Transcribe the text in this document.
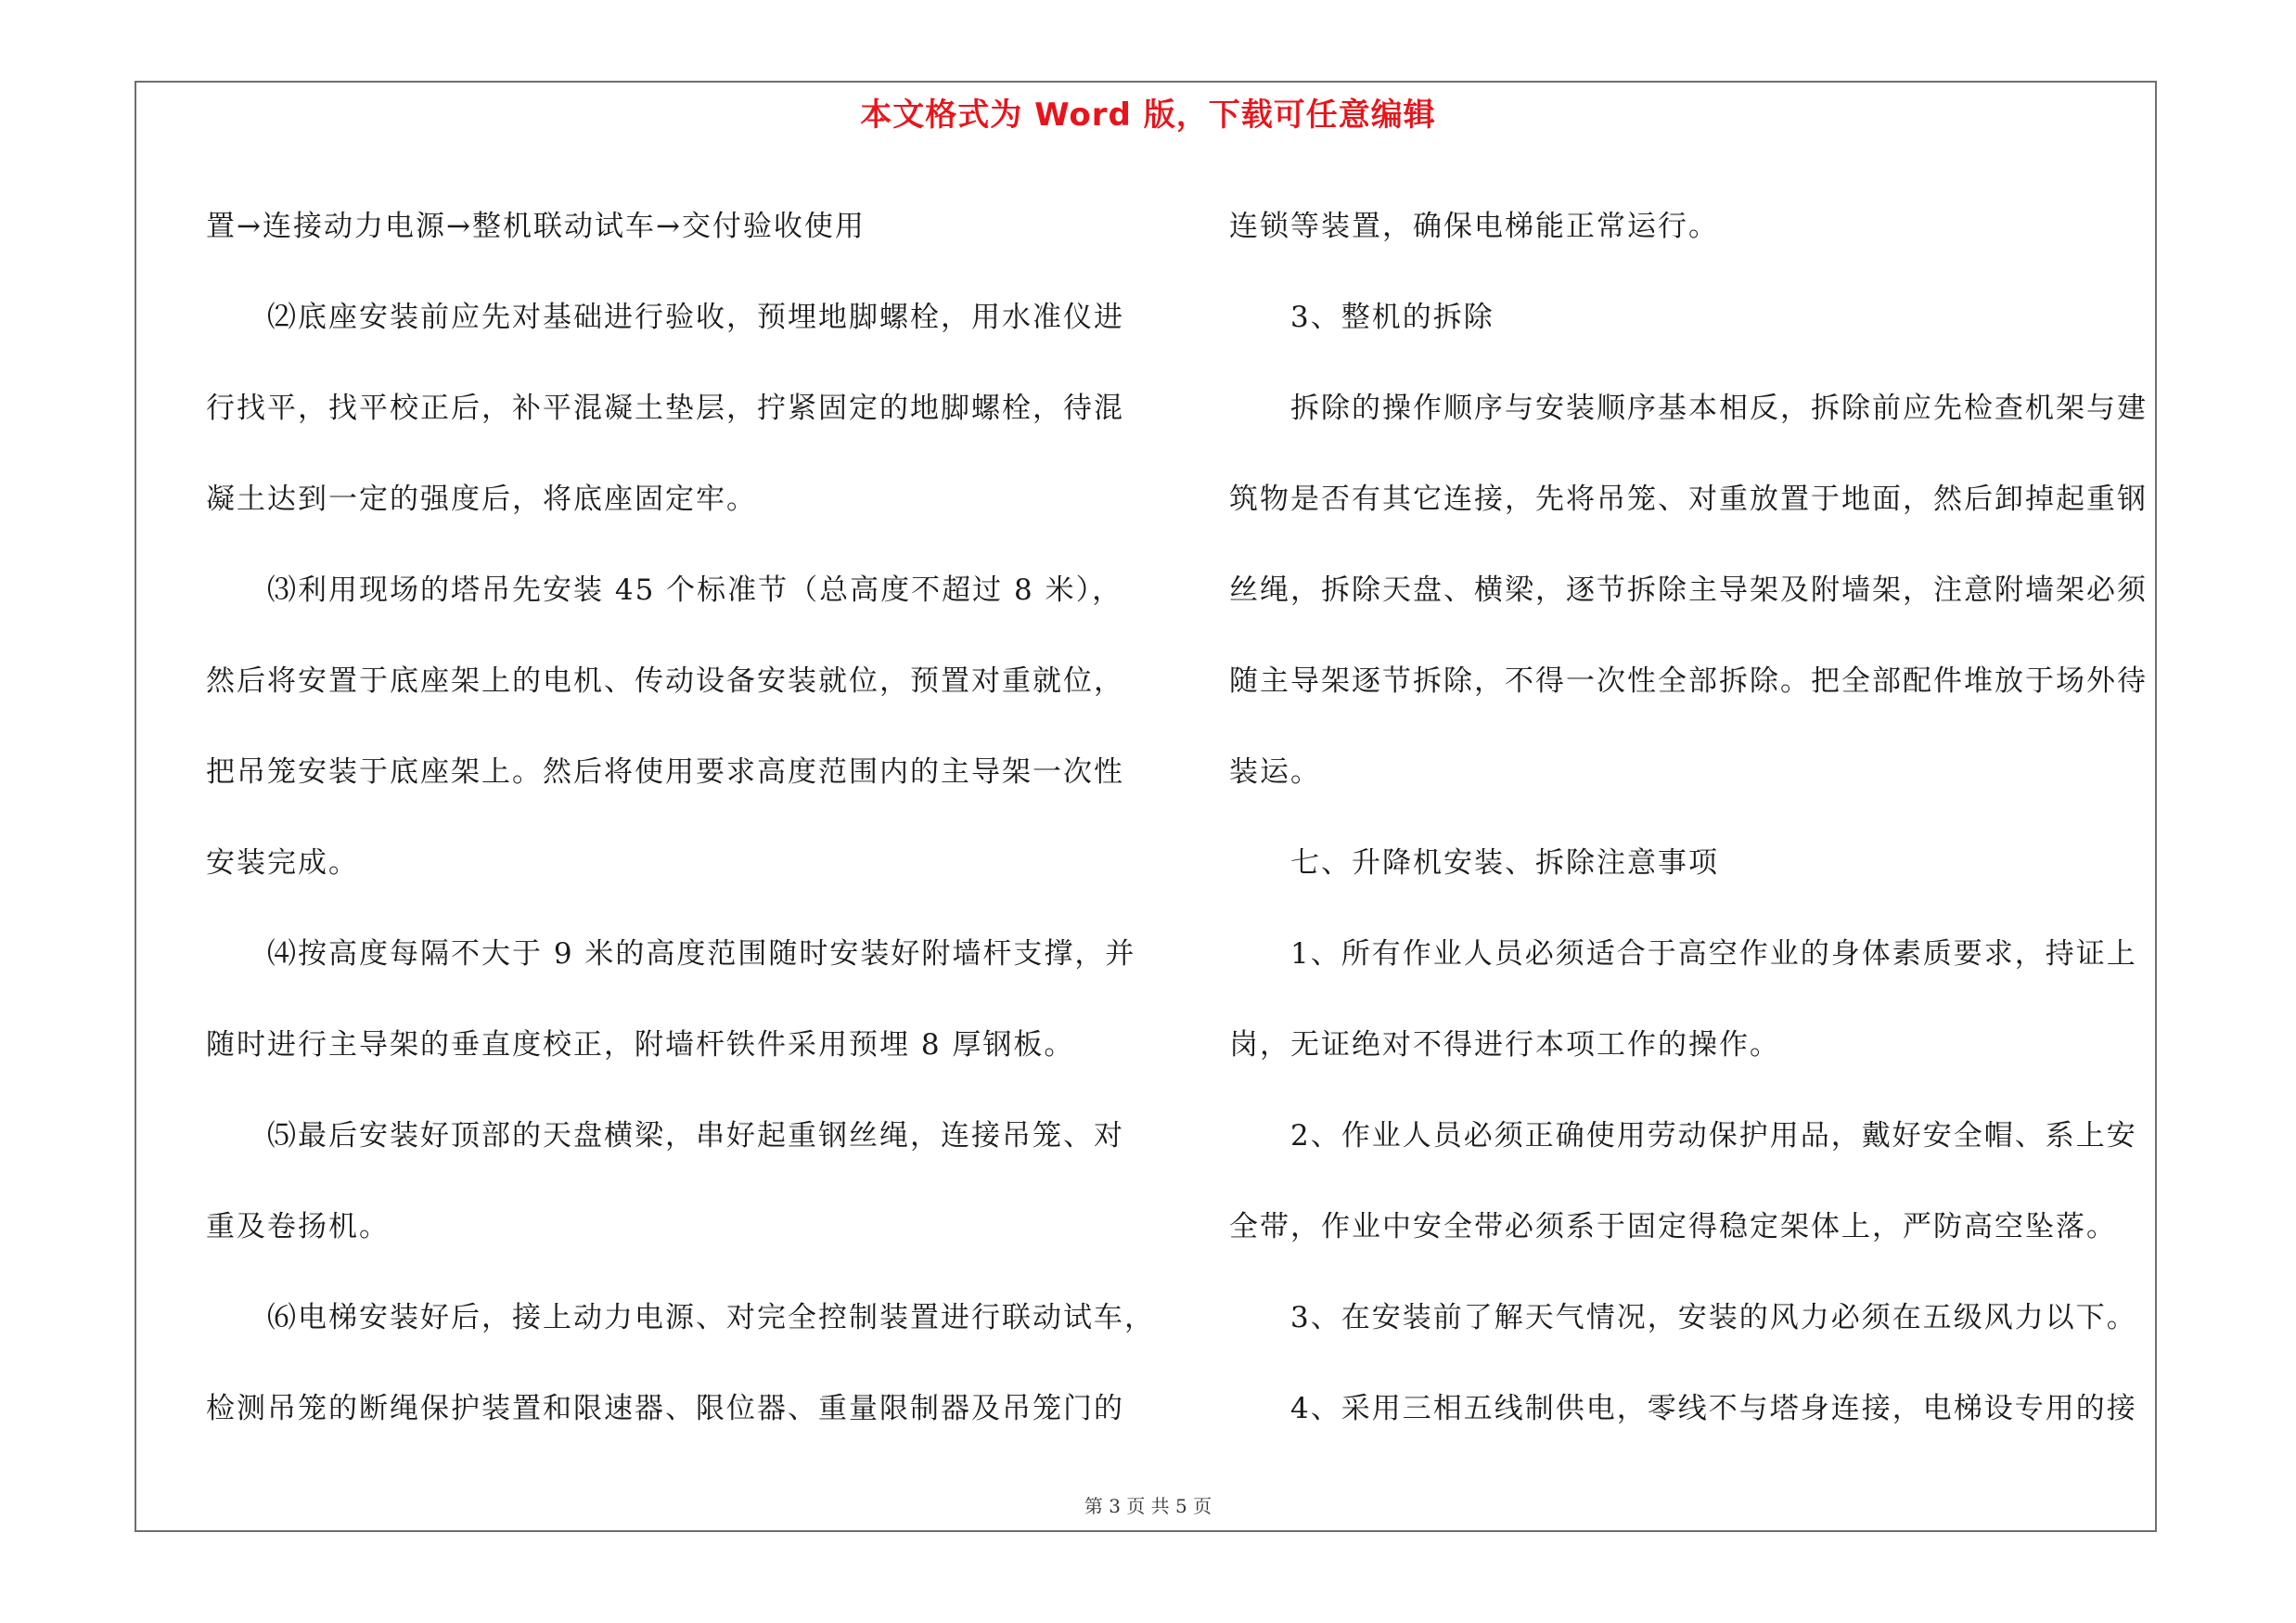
本文格式为 Word 版，下载可任意编辑

置→连接动力电源→整机联动试车→交付验收使用

⑵底座安装前应先对基础进行验收，预埋地脚螺栓，用水准仪进

行找平，找平校正后，补平混凝土垫层，拧紧固定的地脚螺栓，待混

凝土达到一定的强度后，将底座固定牢。

⑶利用现场的塔吊先安装 45 个标准节（总高度不超过 8 米），

然后将安置于底座架上的电机、传动设备安装就位，预置对重就位，

把吊笼安装于底座架上。然后将使用要求高度范围内的主导架一次性

安装完成。

⑷按高度每隔不大于 9 米的高度范围随时安装好附墙杆支撑，并

随时进行主导架的垂直度校正，附墙杆铁件采用预埋 8 厚钢板。

⑸最后安装好顶部的天盘横梁，串好起重钢丝绳，连接吊笼、对

重及卷扬机。

⑹电梯安装好后，接上动力电源、对完全控制装置进行联动试车，

检测吊笼的断绳保护装置和限速器、限位器、重量限制器及吊笼门的

连锁等装置，确保电梯能正常运行。

3、整机的拆除

拆除的操作顺序与安装顺序基本相反，拆除前应先检查机架与建

筑物是否有其它连接，先将吊笼、对重放置于地面，然后卸掉起重钢

丝绳，拆除天盘、横梁，逐节拆除主导架及附墙架，注意附墙架必须

随主导架逐节拆除，不得一次性全部拆除。把全部配件堆放于场外待

装运。

七、升降机安装、拆除注意事项

1、所有作业人员必须适合于高空作业的身体素质要求，持证上

岗，无证绝对不得进行本项工作的操作。

2、作业人员必须正确使用劳动保护用品，戴好安全帽、系上安

全带，作业中安全带必须系于固定得稳定架体上，严防高空坠落。

3、在安装前了解天气情况，安装的风力必须在五级风力以下。

4、采用三相五线制供电，零线不与塔身连接，电梯设专用的接

第 3 页 共 5 页
